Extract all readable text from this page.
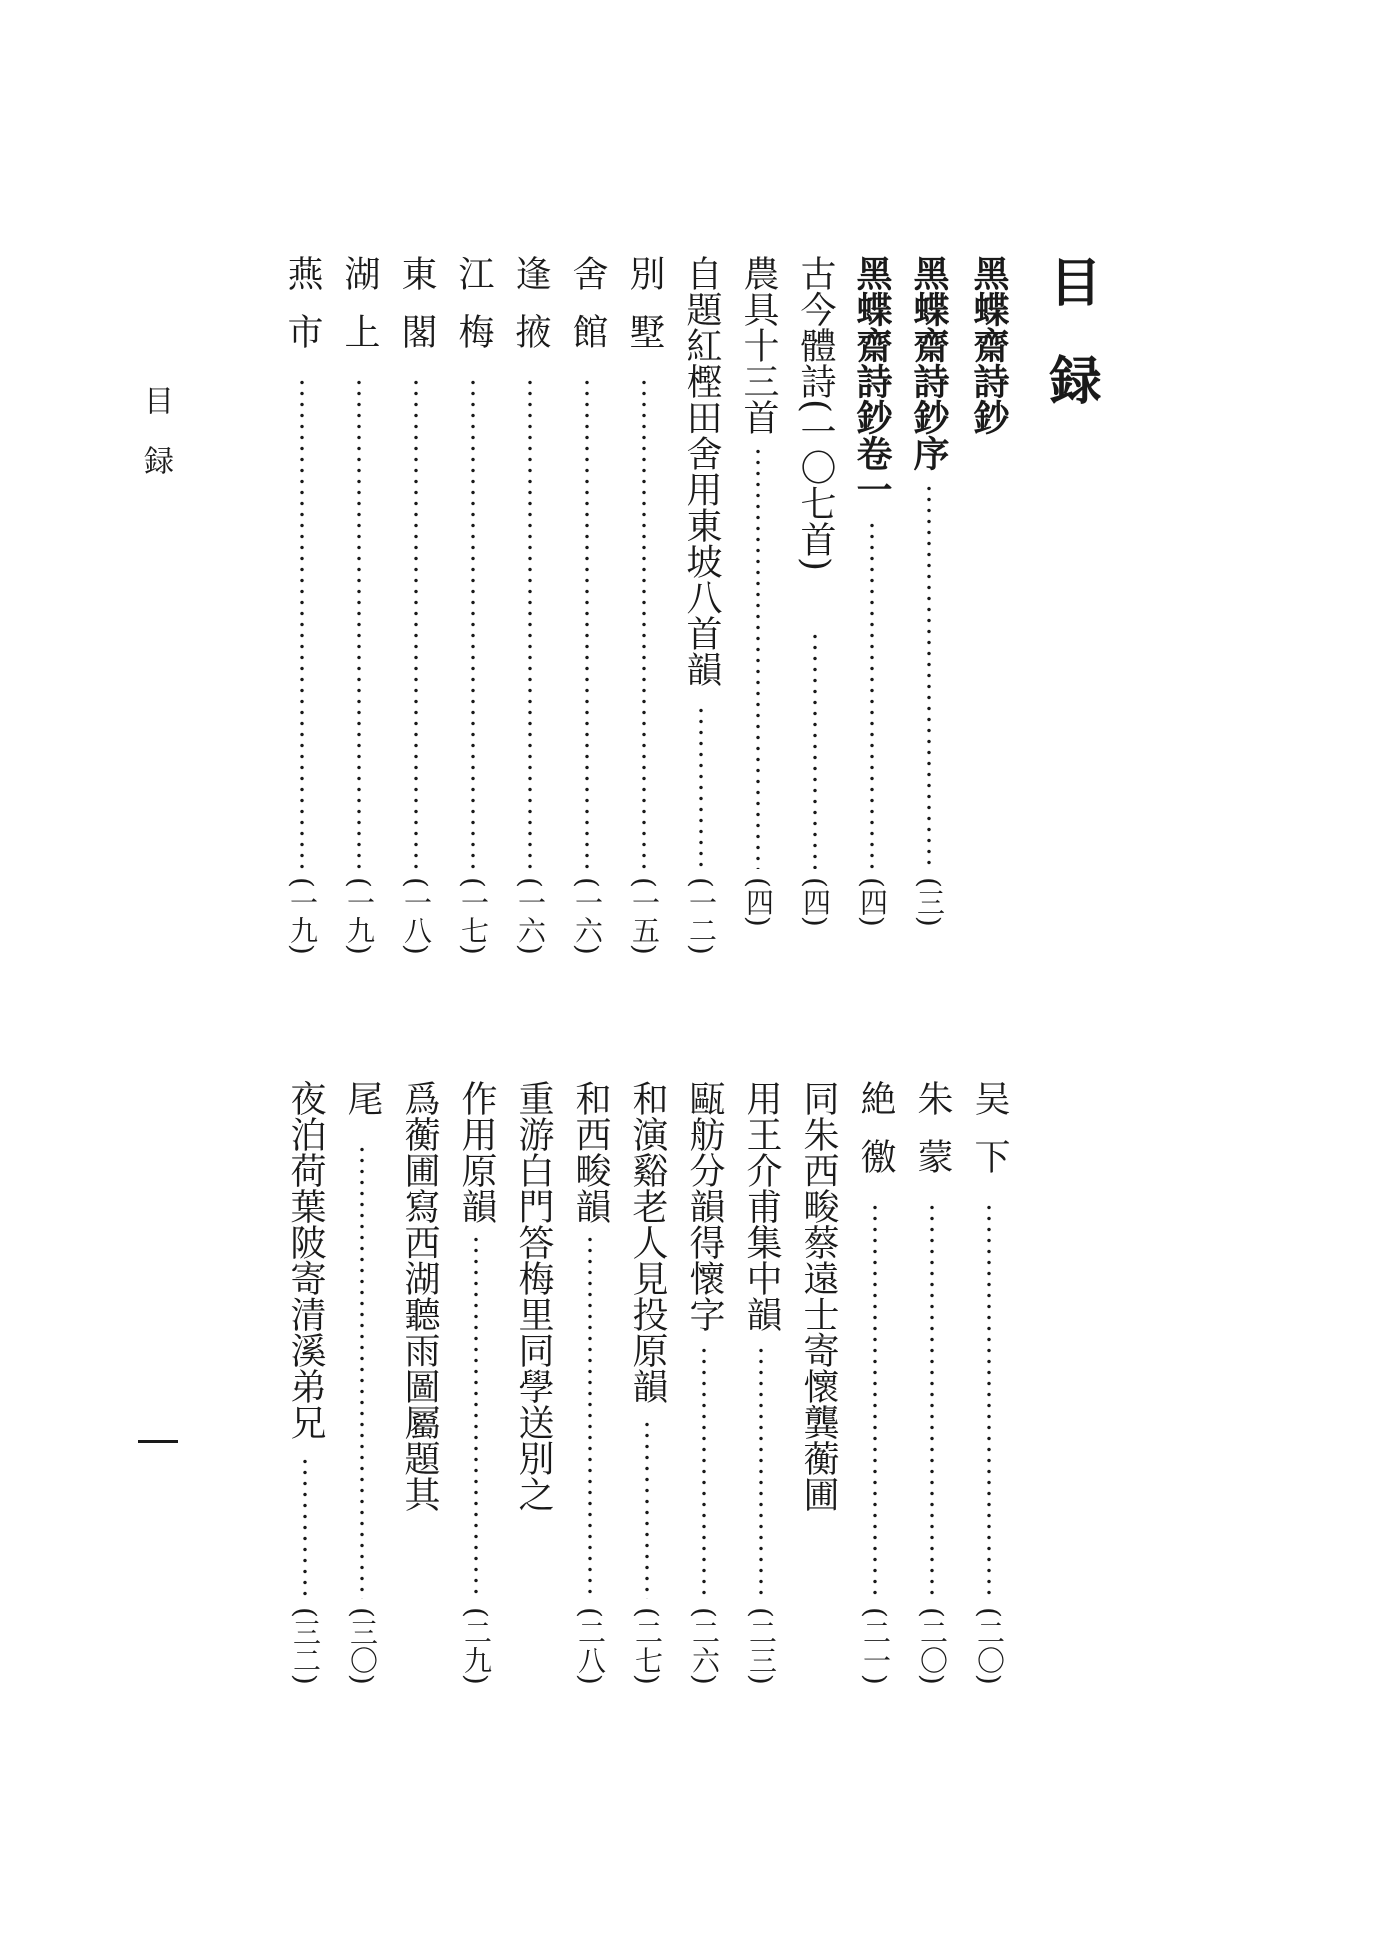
目録
黑蝶齋詩鈔
黑蝶齋詩鈔序
(三)
黑蝶齋詩鈔卷一
(四)
古今體詩(一〇七首)
(四)
農具十三首
(四)
自題紅樫田舍用東坡八首韻
(一二)
別墅
(一五)
舍館
(一六)
逢掖
(一六)
江梅
(一七)
東閣
(一八)
湖上
(一九)
燕市
(一九)
吴下
(二〇)
朱蒙
(二〇)
絶徼
(二一)
同朱西畯蔡遠士寄懷龔蘅圃
用王介甫集中韻
(二三)
甌舫分韻得懷字
(二六)
和演谿老人見投原韻
(二七)
和西畯韻
(二八)
重游白門答梅里同學送別之
作用原韻
(二九)
爲蘅圃寫西湖聽雨圖屬題其
尾
(三〇)
夜泊荷葉陂寄清溪弟兄
(三二)
目録
